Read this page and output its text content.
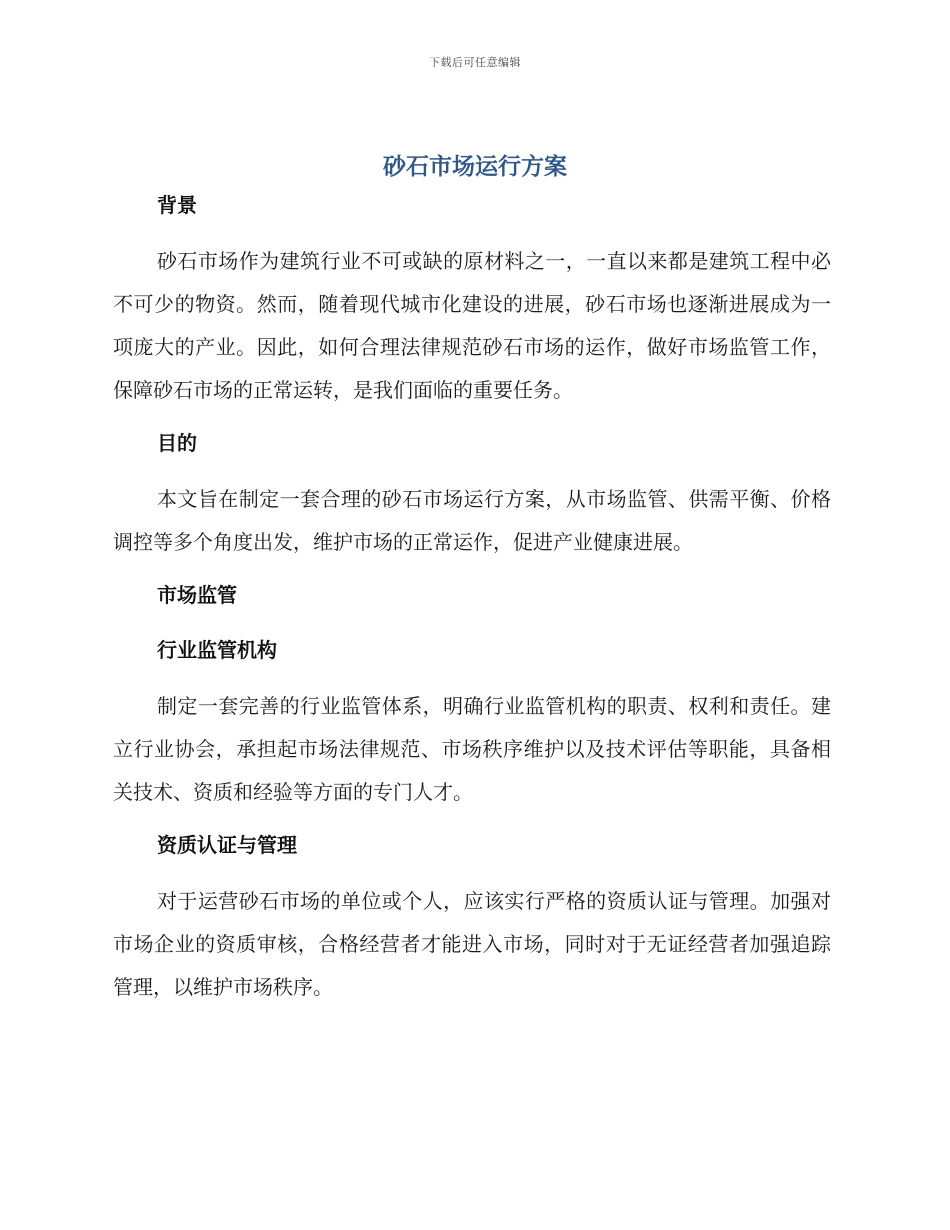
下载后可任意编辑
砂石市场运行方案
背景

砂石市场作为建筑行业不可或缺的原材料之一，一直以来都是建筑工程中必不可少的物资。然而，随着现代城市化建设的进展，砂石市场也逐渐进展成为一项庞大的产业。因此，如何合理法律规范砂石市场的运作，做好市场监管工作，保障砂石市场的正常运转，是我们面临的重要任务。

目的

本文旨在制定一套合理的砂石市场运行方案，从市场监管、供需平衡、价格调控等多个角度出发，维护市场的正常运作，促进产业健康进展。

市场监管
行业监管机构

制定一套完善的行业监管体系，明确行业监管机构的职责、权利和责任。建立行业协会，承担起市场法律规范、市场秩序维护以及技术评估等职能，具备相关技术、资质和经验等方面的专门人才。

资质认证与管理

对于运营砂石市场的单位或个人，应该实行严格的资质认证与管理。加强对市场企业的资质审核，合格经营者才能进入市场，同时对于无证经营者加强追踪管理，以维护市场秩序。
